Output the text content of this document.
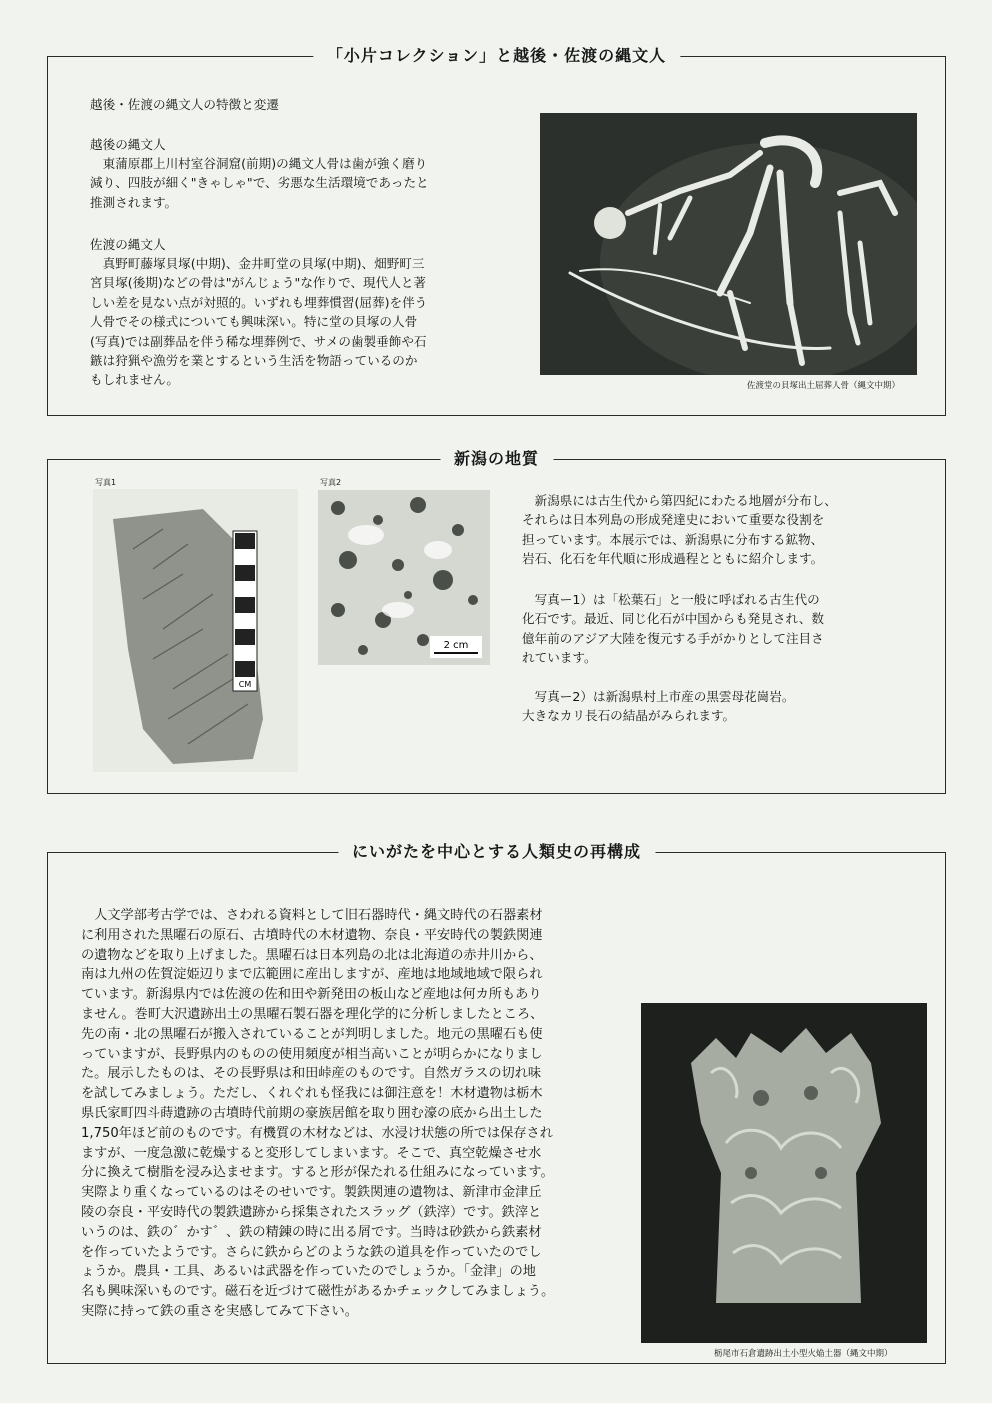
「小片コレクション」と越後・佐渡の縄文人
越後・佐渡の縄文人の特徴と変遷
越後の縄文人
　東蒲原郡上川村室谷洞窟(前期)の縄文人骨は歯が強く磨り
減り、四肢が細く"きゃしゃ"で、劣悪な生活環境であったと
推測されます。
佐渡の縄文人
　真野町藤塚貝塚(中期)、金井町堂の貝塚(中期)、畑野町三
宮貝塚(後期)などの骨は"がんじょう"な作りで、現代人と著
しい差を見ない点が対照的。いずれも埋葬慣習(屈葬)を伴う
人骨でその様式についても興味深い。特に堂の貝塚の人骨
(写真)では副葬品を伴う稀な埋葬例で、サメの歯製垂飾や石
鏃は狩猟や漁労を業とするという生活を物語っているのか
もしれません。	佐渡堂の貝塚出土屈葬人骨（縄文中期）
新潟の地質
写真1
CM
写真2
2 cm
　新潟県には古生代から第四紀にわたる地層が分布し、
それらは日本列島の形成発達史において重要な役割を
担っています。本展示では、新潟県に分布する鉱物、
岩石、化石を年代順に形成過程とともに紹介します。
　写真ー1）は「松葉石」と一般に呼ばれる古生代の
化石です。最近、同じ化石が中国からも発見され、数
億年前のアジア大陸を復元する手がかりとして注目さ
れています。
　写真ー2）は新潟県村上市産の黒雲母花崗岩。
大きなカリ長石の結晶がみられます。
にいがたを中心とする人類史の再構成
　人文学部考古学では、さわれる資料として旧石器時代・縄文時代の石器素材
に利用された黒曜石の原石、古墳時代の木材遺物、奈良・平安時代の製鉄関連
の遺物などを取り上げました。黒曜石は日本列島の北は北海道の赤井川から、
南は九州の佐賀淀姫辺りまで広範囲に産出しますが、産地は地域地域で限られ
ています。新潟県内では佐渡の佐和田や新発田の板山など産地は何カ所もあり
ません。巻町大沢遺跡出土の黒曜石製石器を理化学的に分析しましたところ、
先の南・北の黒曜石が搬入されていることが判明しました。地元の黒曜石も使
っていますが、長野県内のものの使用頻度が相当高いことが明らかになりまし
た。展示したものは、その長野県は和田峠産のものです。自然ガラスの切れ味
を試してみましょう。ただし、くれぐれも怪我には御注意を！木材遺物は栃木
県氏家町四斗蒔遺跡の古墳時代前期の豪族居館を取り囲む濠の底から出土した
1,750年ほど前のものです。有機質の木材などは、水浸け状態の所では保存され
ますが、一度急激に乾燥すると変形してしまいます。そこで、真空乾燥させ水
分に換えて樹脂を浸み込ませます。すると形が保たれる仕組みになっています。
実際より重くなっているのはそのせいです。製鉄関連の遺物は、新津市金津丘
陵の奈良・平安時代の製鉄遺跡から採集されたスラッグ（鉄滓）です。鉄滓と
いうのは、鉄の゛かす゛、鉄の精錬の時に出る屑です。当時は砂鉄から鉄素材
を作っていたようです。さらに鉄からどのような鉄の道具を作っていたのでし
ょうか。農具・工具、あるいは武器を作っていたのでしょうか。「金津」の地
名も興味深いものです。磁石を近づけて磁性があるかチェックしてみましょう。
実際に持って鉄の重さを実感してみて下さい。
栃尾市石倉遺跡出土小型火焔土器（縄文中期）
